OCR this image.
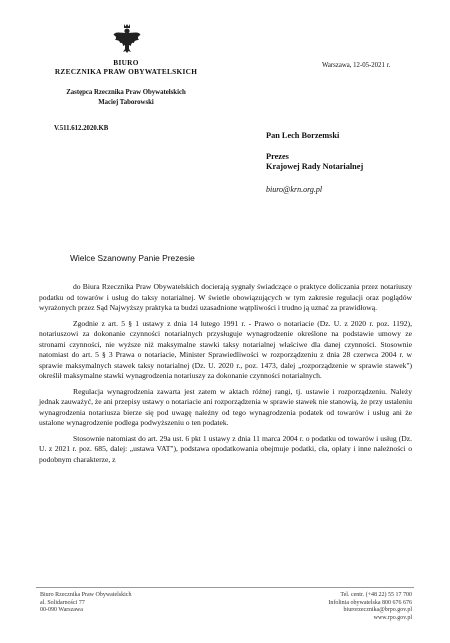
BIURO
RZECZNIKA PRAW OBYWATELSKICH
Zastępca Rzecznika Praw Obywatelskich
Maciej Taborowski
Warszawa, 12-05-2021 r.
V.511.612.2020.KB
Pan Lech Borzemski
Prezes
Krajowej Rady Notarialnej
biuro@krn.org.pl
Wielce Szanowny Panie Prezesie

do Biura Rzecznika Praw Obywatelskich docierają sygnały świadczące o praktyce doliczania przez notariuszy podatku od towarów i usług do taksy notarialnej. W świetle obowiązujących w tym zakresie regulacji oraz poglądów wyrażonych przez Sąd Najwyższy praktyka ta budzi uzasadnione wątpliwości i trudno ją uznać za prawidłową.

Zgodnie z art. 5 § 1 ustawy z dnia 14 lutego 1991 r. - Prawo o notariacie (Dz. U. z 2020 r. poz. 1192), notariuszowi za dokonanie czynności notarialnych przysługuje wynagrodzenie określone na podstawie umowy ze stronami czynności, nie wyższe niż maksymalne stawki taksy notarialnej właściwe dla danej czynności. Stosownie natomiast do art. 5 § 3 Prawa o notariacie, Minister Sprawiedliwości w rozporządzeniu z dnia 28 czerwca 2004 r. w sprawie maksymalnych stawek taksy notarialnej (Dz. U. 2020 r., poz. 1473, dalej „rozporządzenie w sprawie stawek") określił maksymalne stawki wynagrodzenia notariuszy za dokonanie czynności notarialnych.

Regulacja wynagrodzenia zawarta jest zatem w aktach różnej rangi, tj. ustawie i rozporządzeniu. Należy jednak zauważyć, że ani przepisy ustawy o notariacie ani rozporządzenia w sprawie stawek nie stanowią, że przy ustaleniu wynagrodzenia notariusza bierze się pod uwagę należny od tego wynagrodzenia podatek od towarów i usług ani że ustalone wynagrodzenie podlega podwyższeniu o ten podatek.

Stosownie natomiast do art. 29a ust. 6 pkt 1 ustawy z dnia 11 marca 2004 r. o podatku od towarów i usług (Dz. U. z 2021 r. poz. 685, dalej: „ustawa VAT"), podstawa opodatkowania obejmuje podatki, cła, opłaty i inne należności o podobnym charakterze, z

Biuro Rzecznika Praw Obywatelskich
al. Solidarności 77
00-090 Warszawa
Tel. centr. (+48 22) 55 17 700
Infolinia obywatelska 800 676 676
biurorzecznika@brpo.gov.pl
www.rpo.gov.pl
